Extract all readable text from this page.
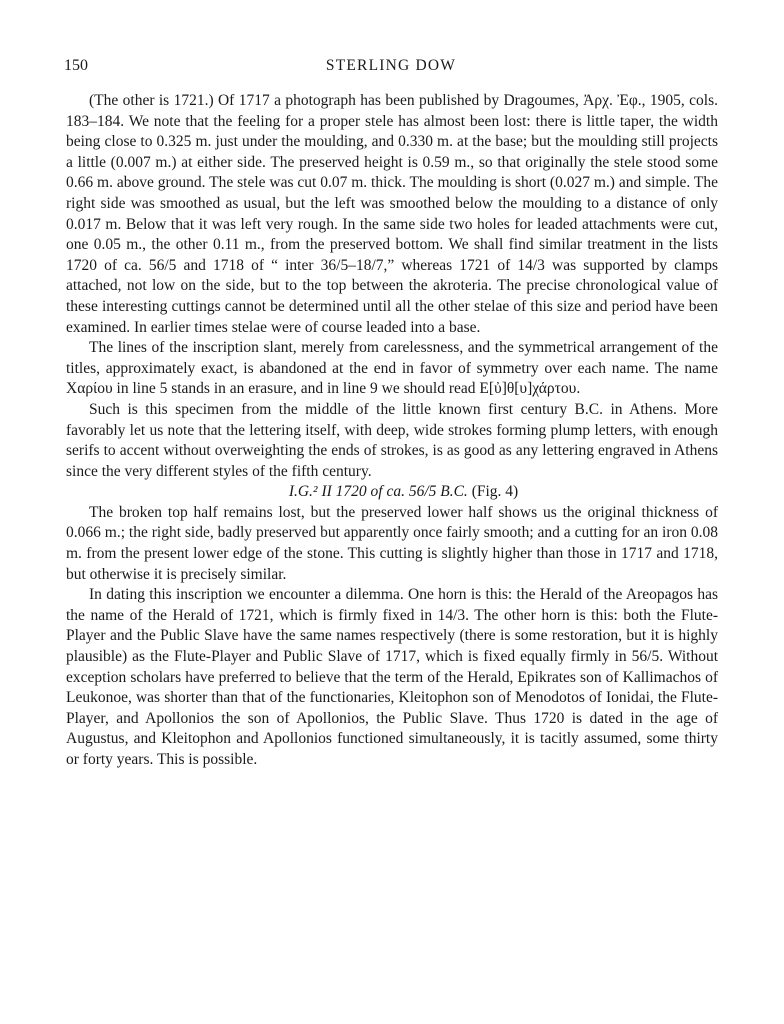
150	STERLING DOW

(The other is 1721.) Of 1717 a photograph has been published by Dragoumes, Ἀρχ. Ἐφ., 1905, cols. 183–184. We note that the feeling for a proper stele has almost been lost: there is little taper, the width being close to 0.325 m. just under the moulding, and 0.330 m. at the base; but the moulding still projects a little (0.007 m.) at either side. The preserved height is 0.59 m., so that originally the stele stood some 0.66 m. above ground. The stele was cut 0.07 m. thick. The moulding is short (0.027 m.) and simple. The right side was smoothed as usual, but the left was smoothed below the moulding to a distance of only 0.017 m. Below that it was left very rough. In the same side two holes for leaded attachments were cut, one 0.05 m., the other 0.11 m., from the preserved bottom. We shall find similar treatment in the lists 1720 of ca. 56/5 and 1718 of “ inter 36/5–18/7,” whereas 1721 of 14/3 was supported by clamps attached, not low on the side, but to the top between the akroteria. The precise chronological value of these interesting cuttings cannot be determined until all the other stelae of this size and period have been examined. In earlier times stelae were of course leaded into a base.

The lines of the inscription slant, merely from carelessness, and the symmetrical arrangement of the titles, approximately exact, is abandoned at the end in favor of symmetry over each name. The name Χαρίου in line 5 stands in an erasure, and in line 9 we should read Ε[ὐ]θ[υ]χάρτου.

Such is this specimen from the middle of the little known first century B.C. in Athens. More favorably let us note that the lettering itself, with deep, wide strokes forming plump letters, with enough serifs to accent without overweighting the ends of strokes, is as good as any lettering engraved in Athens since the very different styles of the fifth century.

I.G.² II 1720 of ca. 56/5 B.C. (Fig. 4)

The broken top half remains lost, but the preserved lower half shows us the original thickness of 0.066 m.; the right side, badly preserved but apparently once fairly smooth; and a cutting for an iron 0.08 m. from the present lower edge of the stone. This cutting is slightly higher than those in 1717 and 1718, but otherwise it is precisely similar.

In dating this inscription we encounter a dilemma. One horn is this: the Herald of the Areopagos has the name of the Herald of 1721, which is firmly fixed in 14/3. The other horn is this: both the Flute-Player and the Public Slave have the same names respectively (there is some restoration, but it is highly plausible) as the Flute-Player and Public Slave of 1717, which is fixed equally firmly in 56/5. Without exception scholars have preferred to believe that the term of the Herald, Epikrates son of Kallimachos of Leukonoe, was shorter than that of the functionaries, Kleitophon son of Menodotos of Ionidai, the Flute-Player, and Apollonios the son of Apollonios, the Public Slave. Thus 1720 is dated in the age of Augustus, and Kleitophon and Apollonios functioned simultaneously, it is tacitly assumed, some thirty or forty years. This is possible.
